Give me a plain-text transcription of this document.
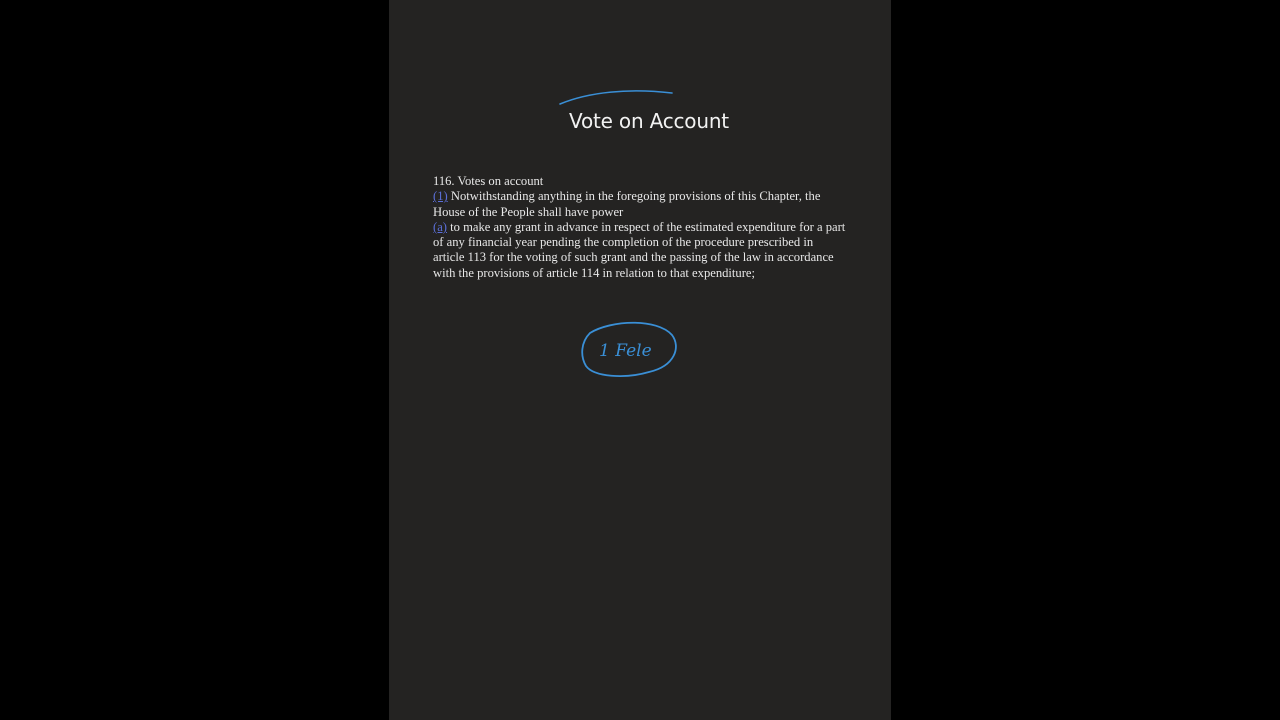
Vote on Account
116. Votes on account
(1) Notwithstanding anything in the foregoing provisions of this Chapter, the
House of the People shall have power
(a) to make any grant in advance in respect of the estimated expenditure for a part
of any financial year pending the completion of the procedure prescribed in
article 113 for the voting of such grant and the passing of the law in accordance
with the provisions of article 114 in relation to that expenditure;
1 Fele
